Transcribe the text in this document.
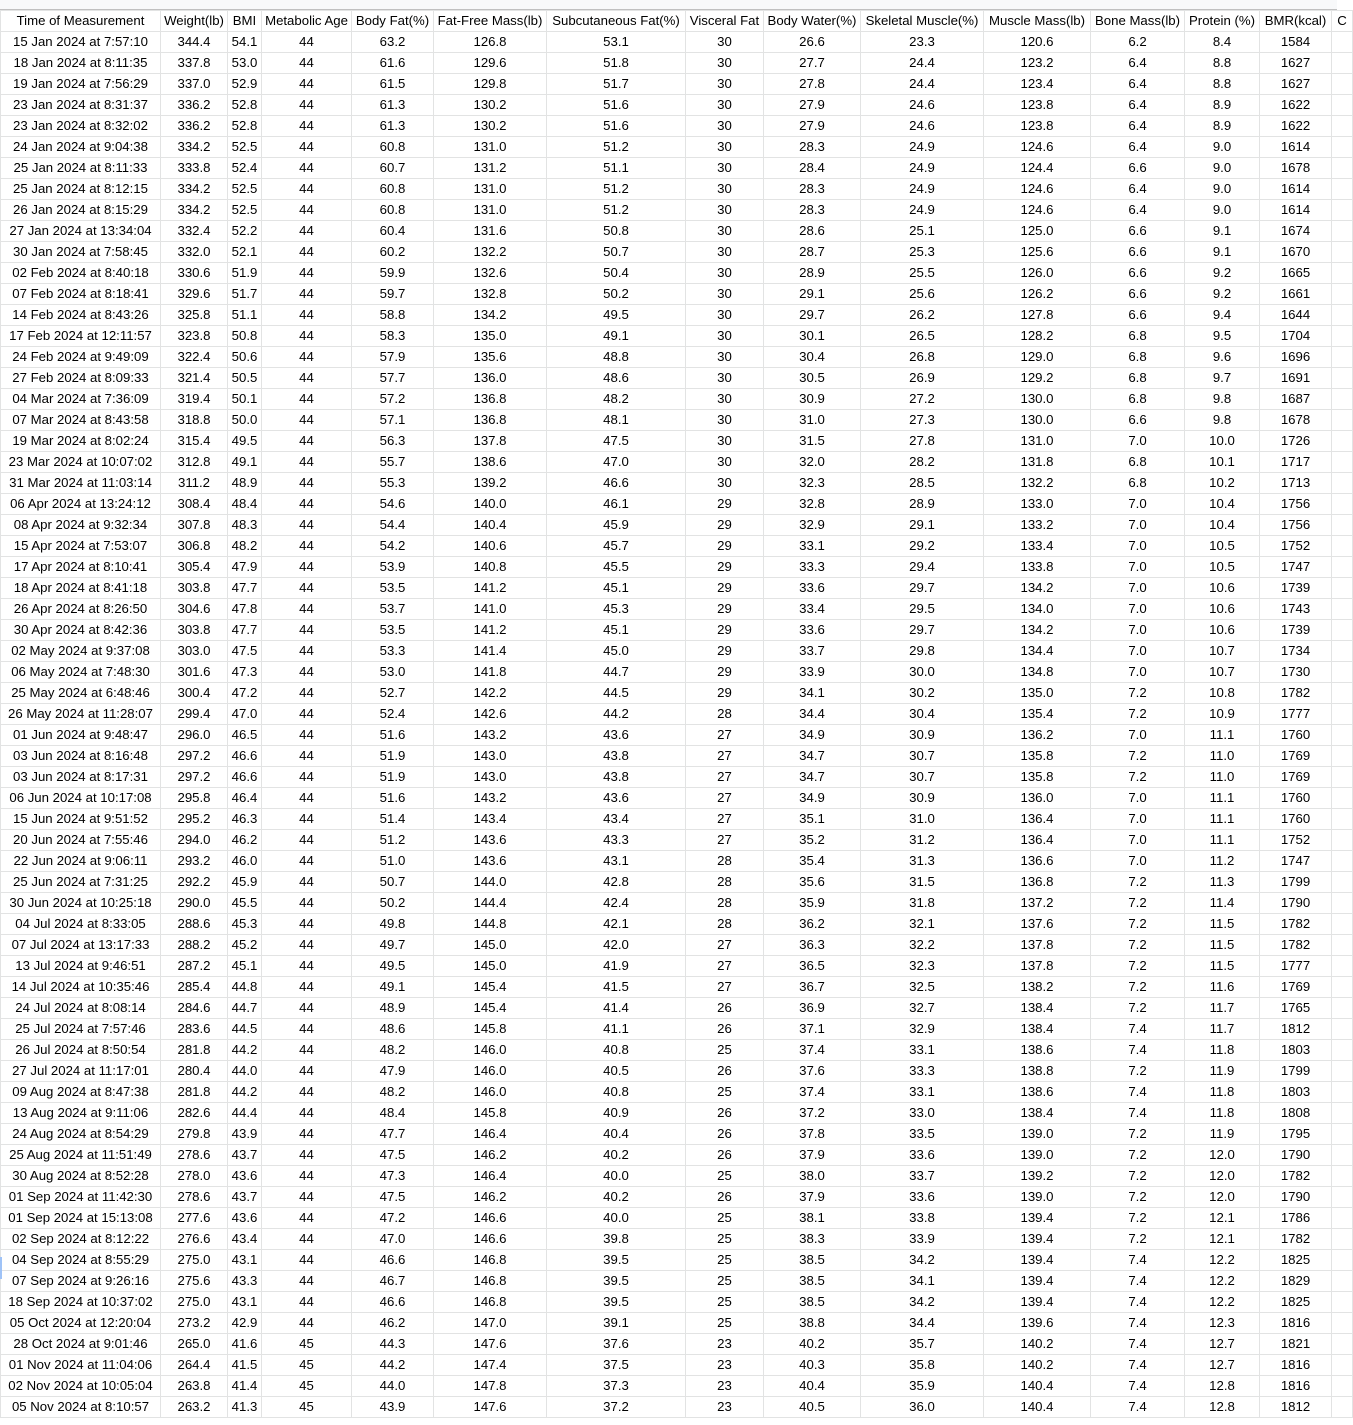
Time of Measurement	Weight(lb)	BMI	Metabolic Age	Body Fat(%)	Fat-Free Mass(lb)	Subcutaneous Fat(%)	Visceral Fat	Body Water(%)	Skeletal Muscle(%)	Muscle Mass(lb)	Bone Mass(lb)	Protein (%)	BMR(kcal)	C
15 Jan 2024 at 7:57:10	344.4	54.1	44	63.2	126.8	53.1	30	26.6	23.3	120.6	6.2	8.4	1584	
18 Jan 2024 at 8:11:35	337.8	53.0	44	61.6	129.6	51.8	30	27.7	24.4	123.2	6.4	8.8	1627	
19 Jan 2024 at 7:56:29	337.0	52.9	44	61.5	129.8	51.7	30	27.8	24.4	123.4	6.4	8.8	1627	
23 Jan 2024 at 8:31:37	336.2	52.8	44	61.3	130.2	51.6	30	27.9	24.6	123.8	6.4	8.9	1622	
23 Jan 2024 at 8:32:02	336.2	52.8	44	61.3	130.2	51.6	30	27.9	24.6	123.8	6.4	8.9	1622	
24 Jan 2024 at 9:04:38	334.2	52.5	44	60.8	131.0	51.2	30	28.3	24.9	124.6	6.4	9.0	1614	
25 Jan 2024 at 8:11:33	333.8	52.4	44	60.7	131.2	51.1	30	28.4	24.9	124.4	6.6	9.0	1678	
25 Jan 2024 at 8:12:15	334.2	52.5	44	60.8	131.0	51.2	30	28.3	24.9	124.6	6.4	9.0	1614	
26 Jan 2024 at 8:15:29	334.2	52.5	44	60.8	131.0	51.2	30	28.3	24.9	124.6	6.4	9.0	1614	
27 Jan 2024 at 13:34:04	332.4	52.2	44	60.4	131.6	50.8	30	28.6	25.1	125.0	6.6	9.1	1674	
30 Jan 2024 at 7:58:45	332.0	52.1	44	60.2	132.2	50.7	30	28.7	25.3	125.6	6.6	9.1	1670	
02 Feb 2024 at 8:40:18	330.6	51.9	44	59.9	132.6	50.4	30	28.9	25.5	126.0	6.6	9.2	1665	
07 Feb 2024 at 8:18:41	329.6	51.7	44	59.7	132.8	50.2	30	29.1	25.6	126.2	6.6	9.2	1661	
14 Feb 2024 at 8:43:26	325.8	51.1	44	58.8	134.2	49.5	30	29.7	26.2	127.8	6.6	9.4	1644	
17 Feb 2024 at 12:11:57	323.8	50.8	44	58.3	135.0	49.1	30	30.1	26.5	128.2	6.8	9.5	1704	
24 Feb 2024 at 9:49:09	322.4	50.6	44	57.9	135.6	48.8	30	30.4	26.8	129.0	6.8	9.6	1696	
27 Feb 2024 at 8:09:33	321.4	50.5	44	57.7	136.0	48.6	30	30.5	26.9	129.2	6.8	9.7	1691	
04 Mar 2024 at 7:36:09	319.4	50.1	44	57.2	136.8	48.2	30	30.9	27.2	130.0	6.8	9.8	1687	
07 Mar 2024 at 8:43:58	318.8	50.0	44	57.1	136.8	48.1	30	31.0	27.3	130.0	6.6	9.8	1678	
19 Mar 2024 at 8:02:24	315.4	49.5	44	56.3	137.8	47.5	30	31.5	27.8	131.0	7.0	10.0	1726	
23 Mar 2024 at 10:07:02	312.8	49.1	44	55.7	138.6	47.0	30	32.0	28.2	131.8	6.8	10.1	1717	
31 Mar 2024 at 11:03:14	311.2	48.9	44	55.3	139.2	46.6	30	32.3	28.5	132.2	6.8	10.2	1713	
06 Apr 2024 at 13:24:12	308.4	48.4	44	54.6	140.0	46.1	29	32.8	28.9	133.0	7.0	10.4	1756	
08 Apr 2024 at 9:32:34	307.8	48.3	44	54.4	140.4	45.9	29	32.9	29.1	133.2	7.0	10.4	1756	
15 Apr 2024 at 7:53:07	306.8	48.2	44	54.2	140.6	45.7	29	33.1	29.2	133.4	7.0	10.5	1752	
17 Apr 2024 at 8:10:41	305.4	47.9	44	53.9	140.8	45.5	29	33.3	29.4	133.8	7.0	10.5	1747	
18 Apr 2024 at 8:41:18	303.8	47.7	44	53.5	141.2	45.1	29	33.6	29.7	134.2	7.0	10.6	1739	
26 Apr 2024 at 8:26:50	304.6	47.8	44	53.7	141.0	45.3	29	33.4	29.5	134.0	7.0	10.6	1743	
30 Apr 2024 at 8:42:36	303.8	47.7	44	53.5	141.2	45.1	29	33.6	29.7	134.2	7.0	10.6	1739	
02 May 2024 at 9:37:08	303.0	47.5	44	53.3	141.4	45.0	29	33.7	29.8	134.4	7.0	10.7	1734	
06 May 2024 at 7:48:30	301.6	47.3	44	53.0	141.8	44.7	29	33.9	30.0	134.8	7.0	10.7	1730	
25 May 2024 at 6:48:46	300.4	47.2	44	52.7	142.2	44.5	29	34.1	30.2	135.0	7.2	10.8	1782	
26 May 2024 at 11:28:07	299.4	47.0	44	52.4	142.6	44.2	28	34.4	30.4	135.4	7.2	10.9	1777	
01 Jun 2024 at 9:48:47	296.0	46.5	44	51.6	143.2	43.6	27	34.9	30.9	136.2	7.0	11.1	1760	
03 Jun 2024 at 8:16:48	297.2	46.6	44	51.9	143.0	43.8	27	34.7	30.7	135.8	7.2	11.0	1769	
03 Jun 2024 at 8:17:31	297.2	46.6	44	51.9	143.0	43.8	27	34.7	30.7	135.8	7.2	11.0	1769	
06 Jun 2024 at 10:17:08	295.8	46.4	44	51.6	143.2	43.6	27	34.9	30.9	136.0	7.0	11.1	1760	
15 Jun 2024 at 9:51:52	295.2	46.3	44	51.4	143.4	43.4	27	35.1	31.0	136.4	7.0	11.1	1760	
20 Jun 2024 at 7:55:46	294.0	46.2	44	51.2	143.6	43.3	27	35.2	31.2	136.4	7.0	11.1	1752	
22 Jun 2024 at 9:06:11	293.2	46.0	44	51.0	143.6	43.1	28	35.4	31.3	136.6	7.0	11.2	1747	
25 Jun 2024 at 7:31:25	292.2	45.9	44	50.7	144.0	42.8	28	35.6	31.5	136.8	7.2	11.3	1799	
30 Jun 2024 at 10:25:18	290.0	45.5	44	50.2	144.4	42.4	28	35.9	31.8	137.2	7.2	11.4	1790	
04 Jul 2024 at 8:33:05	288.6	45.3	44	49.8	144.8	42.1	28	36.2	32.1	137.6	7.2	11.5	1782	
07 Jul 2024 at 13:17:33	288.2	45.2	44	49.7	145.0	42.0	27	36.3	32.2	137.8	7.2	11.5	1782	
13 Jul 2024 at 9:46:51	287.2	45.1	44	49.5	145.0	41.9	27	36.5	32.3	137.8	7.2	11.5	1777	
14 Jul 2024 at 10:35:46	285.4	44.8	44	49.1	145.4	41.5	27	36.7	32.5	138.2	7.2	11.6	1769	
24 Jul 2024 at 8:08:14	284.6	44.7	44	48.9	145.4	41.4	26	36.9	32.7	138.4	7.2	11.7	1765	
25 Jul 2024 at 7:57:46	283.6	44.5	44	48.6	145.8	41.1	26	37.1	32.9	138.4	7.4	11.7	1812	
26 Jul 2024 at 8:50:54	281.8	44.2	44	48.2	146.0	40.8	25	37.4	33.1	138.6	7.4	11.8	1803	
27 Jul 2024 at 11:17:01	280.4	44.0	44	47.9	146.0	40.5	26	37.6	33.3	138.8	7.2	11.9	1799	
09 Aug 2024 at 8:47:38	281.8	44.2	44	48.2	146.0	40.8	25	37.4	33.1	138.6	7.4	11.8	1803	
13 Aug 2024 at 9:11:06	282.6	44.4	44	48.4	145.8	40.9	26	37.2	33.0	138.4	7.4	11.8	1808	
24 Aug 2024 at 8:54:29	279.8	43.9	44	47.7	146.4	40.4	26	37.8	33.5	139.0	7.2	11.9	1795	
25 Aug 2024 at 11:51:49	278.6	43.7	44	47.5	146.2	40.2	26	37.9	33.6	139.0	7.2	12.0	1790	
30 Aug 2024 at 8:52:28	278.0	43.6	44	47.3	146.4	40.0	25	38.0	33.7	139.2	7.2	12.0	1782	
01 Sep 2024 at 11:42:30	278.6	43.7	44	47.5	146.2	40.2	26	37.9	33.6	139.0	7.2	12.0	1790	
01 Sep 2024 at 15:13:08	277.6	43.6	44	47.2	146.6	40.0	25	38.1	33.8	139.4	7.2	12.1	1786	
02 Sep 2024 at 8:12:22	276.6	43.4	44	47.0	146.6	39.8	25	38.3	33.9	139.4	7.2	12.1	1782	
04 Sep 2024 at 8:55:29	275.0	43.1	44	46.6	146.8	39.5	25	38.5	34.2	139.4	7.4	12.2	1825	
07 Sep 2024 at 9:26:16	275.6	43.3	44	46.7	146.8	39.5	25	38.5	34.1	139.4	7.4	12.2	1829	
18 Sep 2024 at 10:37:02	275.0	43.1	44	46.6	146.8	39.5	25	38.5	34.2	139.4	7.4	12.2	1825	
05 Oct 2024 at 12:20:04	273.2	42.9	44	46.2	147.0	39.1	25	38.8	34.4	139.6	7.4	12.3	1816	
28 Oct 2024 at 9:01:46	265.0	41.6	45	44.3	147.6	37.6	23	40.2	35.7	140.2	7.4	12.7	1821	
01 Nov 2024 at 11:04:06	264.4	41.5	45	44.2	147.4	37.5	23	40.3	35.8	140.2	7.4	12.7	1816	
02 Nov 2024 at 10:05:04	263.8	41.4	45	44.0	147.8	37.3	23	40.4	35.9	140.4	7.4	12.8	1816	
05 Nov 2024 at 8:10:57	263.2	41.3	45	43.9	147.6	37.2	23	40.5	36.0	140.4	7.4	12.8	1812	
